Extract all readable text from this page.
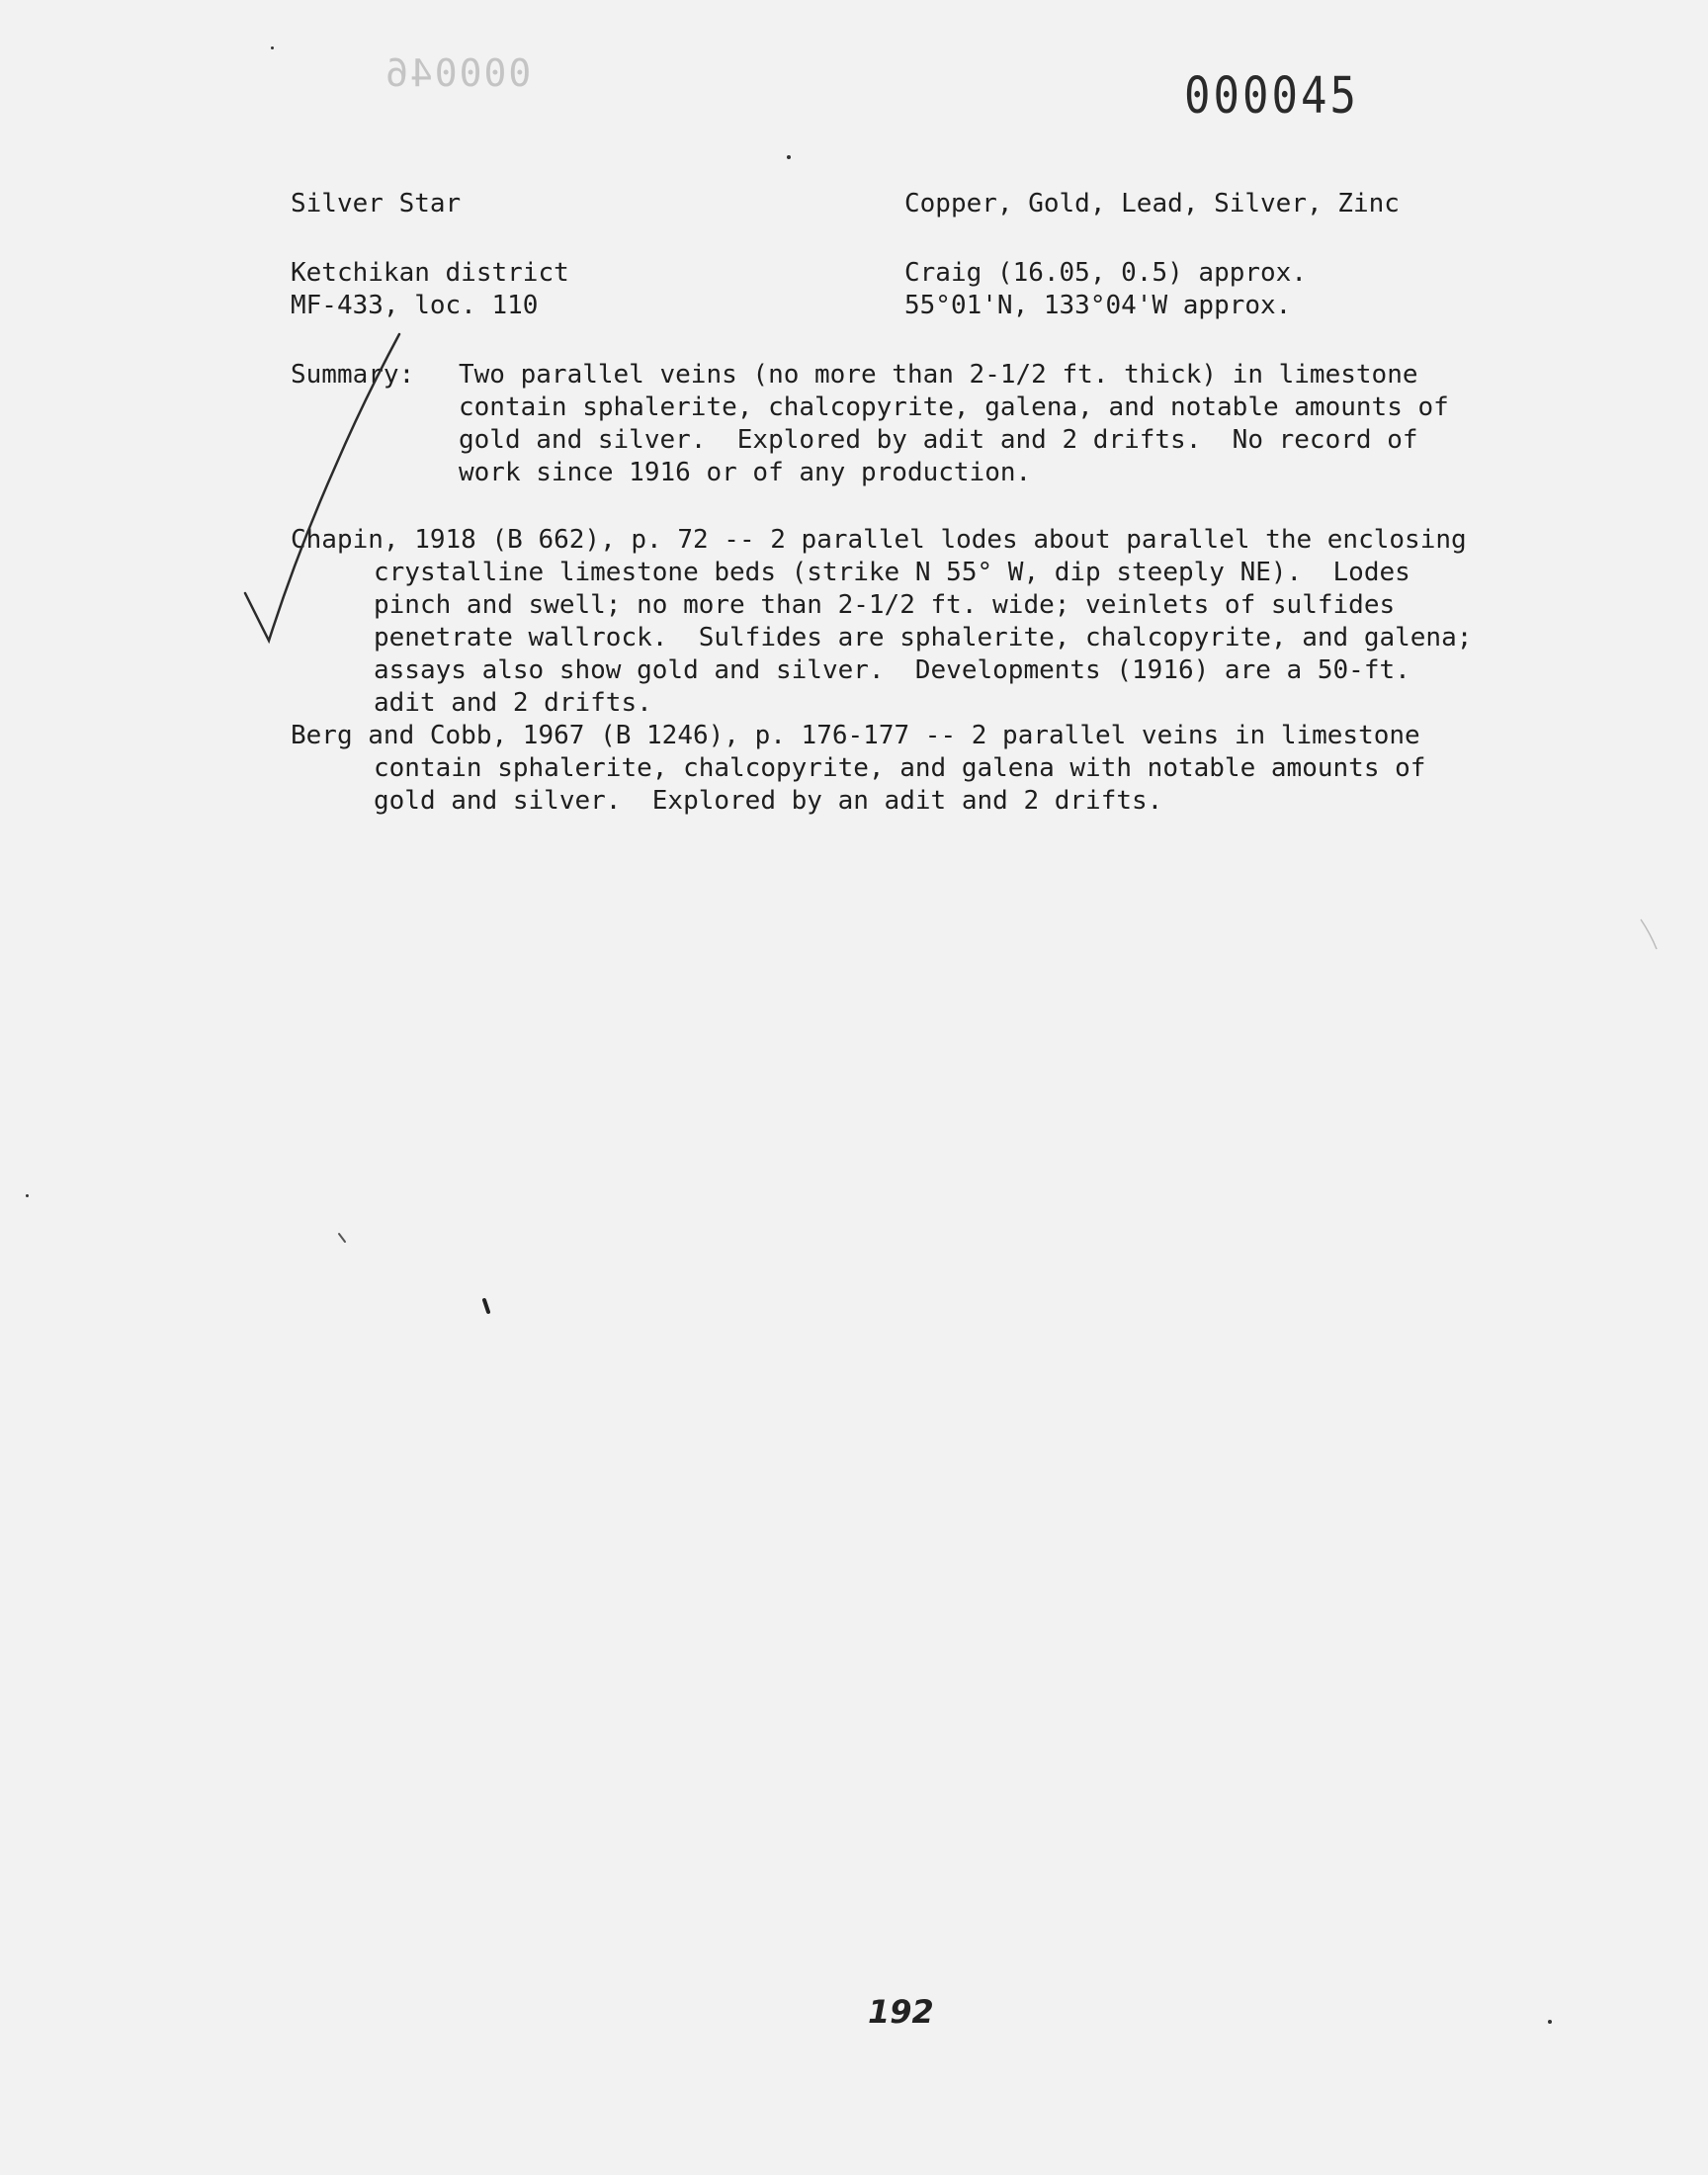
000046	000045
Silver Star	Copper, Gold, Lead, Silver, Zinc
Ketchikan district
MF-433, loc. 110
Craig (16.05, 0.5) approx.
55°01'N, 133°04'W approx.
Summary: Two parallel veins (no more than 2-1/2 ft. thick) in limestone
contain sphalerite, chalcopyrite, galena, and notable amounts of
gold and silver.  Explored by adit and 2 drifts.  No record of
work since 1916 or of any production.
Chapin, 1918 (B 662), p. 72 -- 2 parallel lodes about parallel the enclosing
crystalline limestone beds (strike N 55° W, dip steeply NE).  Lodes
pinch and swell; no more than 2-1/2 ft. wide; veinlets of sulfides
penetrate wallrock.  Sulfides are sphalerite, chalcopyrite, and galena;
assays also show gold and silver.  Developments (1916) are a 50-ft.
adit and 2 drifts.
Berg and Cobb, 1967 (B 1246), p. 176-177 -- 2 parallel veins in limestone
contain sphalerite, chalcopyrite, and galena with notable amounts of
gold and silver.  Explored by an adit and 2 drifts.
192
